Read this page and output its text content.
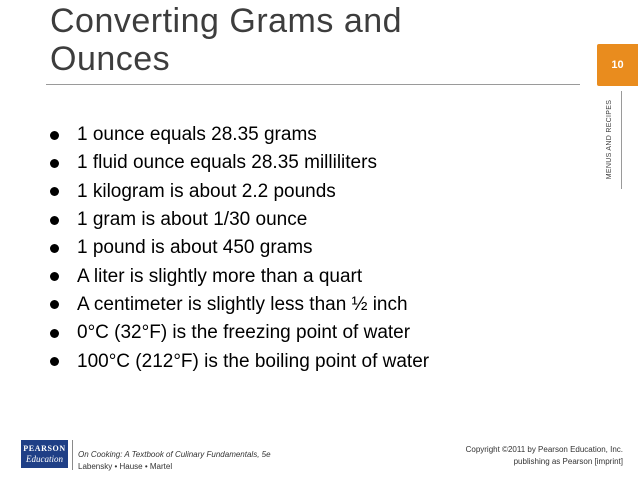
Converting Grams and
Ounces	10
MENUS AND RECIPES
1 ounce equals 28.35 grams
1 fluid ounce equals 28.35 milliliters
1 kilogram is about 2.2 pounds
1 gram is about 1/30 ounce
1 pound is about 450 grams
A liter is slightly more than a quart
A centimeter is slightly less than ½ inch
0°C (32°F) is the freezing point of water
100°C (212°F) is the boiling point of water
PEARSON
Education On Cooking: A Textbook of Culinary Fundamentals, 5e
Labensky • Hause • Martel
Copyright ©2011 by Pearson Education, Inc.
publishing as Pearson [imprint]
